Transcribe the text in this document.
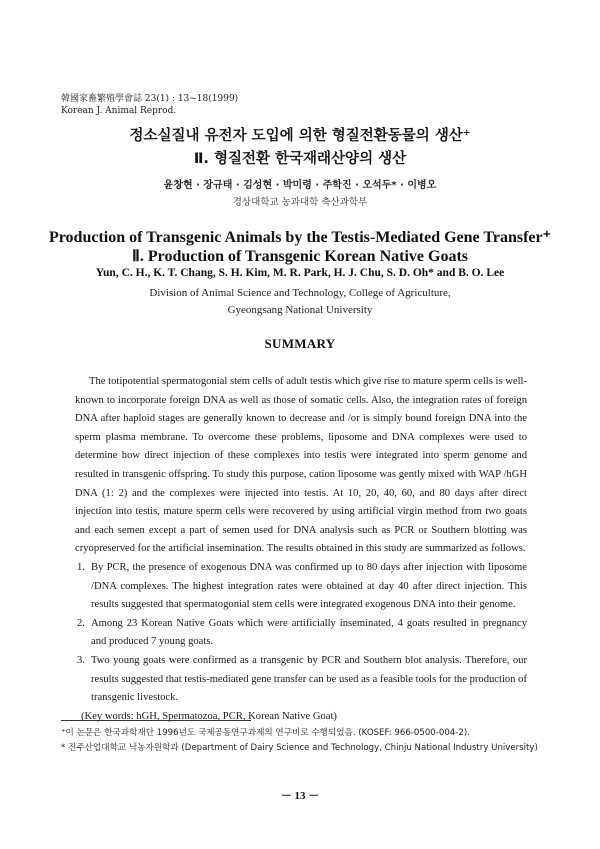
韓國家畜繁殖學會誌 23(1) : 13~18(1999)
Korean J. Animal Reprod.
정소실질내 유전자 도입에 의한 형질전환동물의 생산⁺
Ⅱ. 형질전환 한국재래산양의 생산
윤창현 · 장규태 · 김성현 · 박미령 · 주학진 · 오석두* · 이병오
경상대학교 농과대학 축산과학부
Production of Transgenic Animals by the Testis-Mediated Gene Transfer⁺
Ⅱ. Production of Transgenic Korean Native Goats
Yun, C. H., K. T. Chang, S. H. Kim, M. R. Park, H. J. Chu, S. D. Oh* and B. O. Lee
Division of Animal Science and Technology, College of Agriculture,
Gyeongsang National University
SUMMARY

The totipotential spermatogonial stem cells of adult testis which give rise to mature sperm cells is well-known to incorporate foreign DNA as well as those of somatic cells. Also, the integration rates of foreign DNA after haploid stages are generally known to decrease and /or is simply bound foreign DNA into the sperm plasma membrane. To overcome these problems, liposome and DNA complexes were used to determine how direct injection of these complexes into testis were integrated into sperm genome and resulted in transgenic offspring. To study this purpose, cation liposome was gently mixed with WAP /hGH DNA (1: 2) and the complexes were injected into testis. At 10, 20, 40, 60, and 80 days after direct injection into testis, mature sperm cells were recovered by using artificial virgin method from two goats and each semen except a part of semen used for DNA analysis such as PCR or Southern blotting was cryopreserved for the artificial insemination. The results obtained in this study are summarized as follows.

1. By PCR, the presence of exogenous DNA was confirmed up to 80 days after injection with liposome /DNA complexes. The highest integration rates were obtained at day 40 after direct injection. This results suggested that spermatogonial stem cells were integrated exogenous DNA into their genome.
2. Among 23 Korean Native Goats which were artificially inseminated, 4 goats resulted in pregnancy and produced 7 young goats.
3. Two young goats were confirmed as a transgenic by PCR and Southern blot analysis. Therefore, our results suggested that testis-mediated gene transfer can be used as a feasible tools for the production of transgenic livestock.

(Key words: hGH, Spermatozoa, PCR, Korean Native Goat)

⁺이 논문은 한국과학재단 1996년도 국제공동연구과제의 연구비로 수행되었음. (KOSEF: 966-0500-004-2).
* 진주산업대학교 낙농자원학과 (Department of Dairy Science and Technology, Chinju National Industry University)
－ 13 －
